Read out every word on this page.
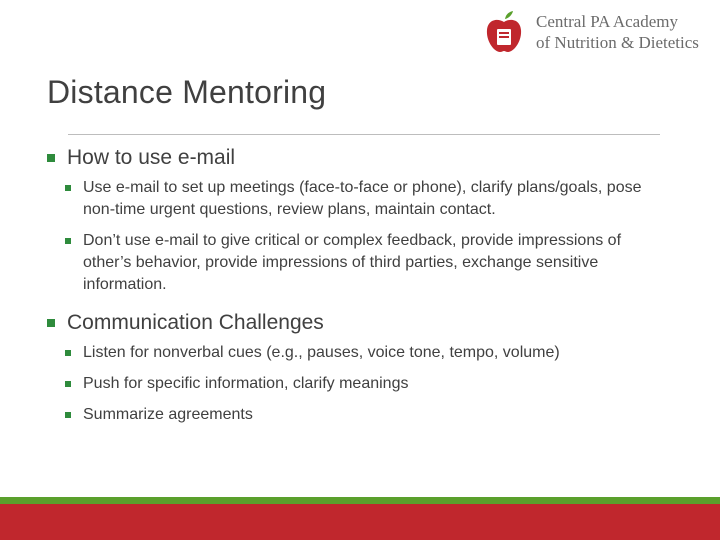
Central PA Academy
of Nutrition & Dietetics
Distance Mentoring
How to use e-mail
Use e-mail to set up meetings (face-to-face or phone), clarify plans/goals, pose non-time urgent questions, review plans, maintain contact.
Don’t use e-mail to give critical or complex feedback, provide impressions of other’s behavior, provide impressions of third parties, exchange sensitive information.
Communication Challenges
Listen for nonverbal cues (e.g., pauses, voice tone, tempo, volume)
Push for specific information, clarify meanings
Summarize agreements
